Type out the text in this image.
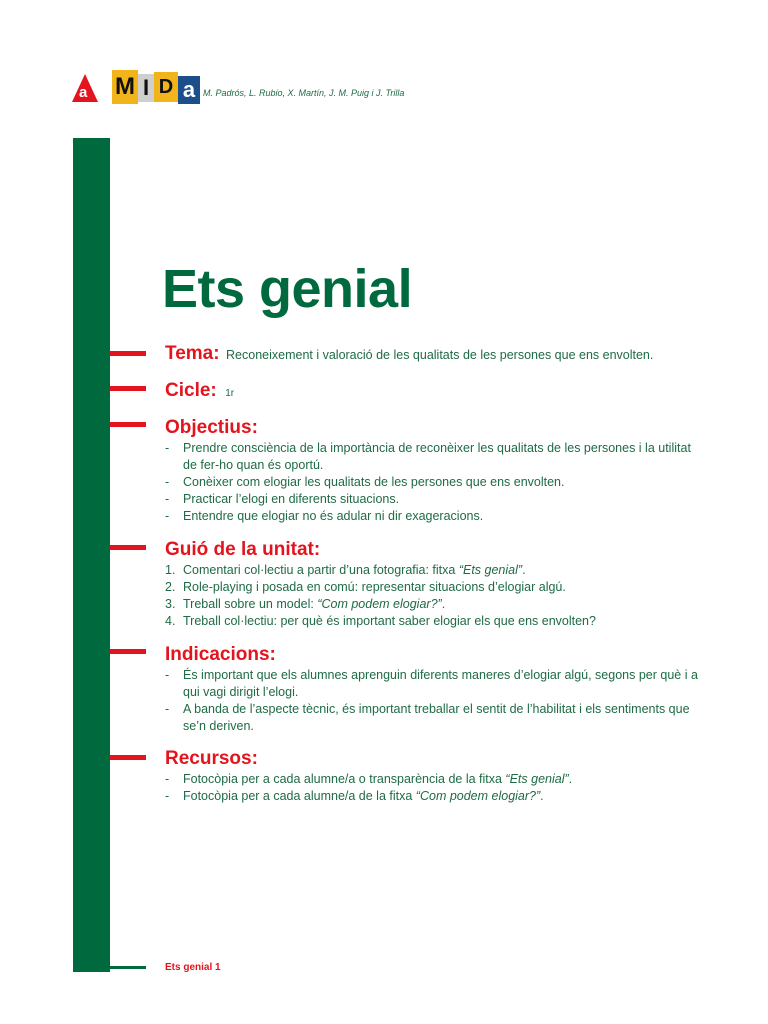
a M I D a M. Padrós, L. Rubio, X. Martín, J. M. Puig i J. Trilla
Ets genial
Tema: Reconeixement i valoració de les qualitats de les persones que ens envolten.
Cicle: 1r
Objectius:
-	Prendre consciència de la importància de reconèixer les qualitats de les persones i la utilitat de fer-ho quan és oportú.
-	Conèixer com elogiar les qualitats de les persones que ens envolten.
-	Practicar l’elogi en diferents situacions.
-	Entendre que elogiar no és adular ni dir exageracions.
Guió de la unitat:
1. Comentari col·lectiu a partir d’una fotografia: fitxa “Ets genial”.
2. Role-playing i posada en comú: representar situacions d’elogiar algú.
3. Treball sobre un model: “Com podem elogiar?”.
4. Treball col·lectiu: per què és important saber elogiar els que ens envolten?
Indicacions:
-	És important que els alumnes aprenguin diferents maneres d’elogiar algú, segons per què i a qui vagi dirigit l’elogi.
-	A banda de l’aspecte tècnic, és important treballar el sentit de l’habilitat i els sentiments que se’n deriven.
Recursos:
-	Fotocòpia per a cada alumne/a o transparència de la fitxa “Ets genial”.
-	Fotocòpia per a cada alumne/a de la fitxa “Com podem elogiar?”.
Ets genial 1
